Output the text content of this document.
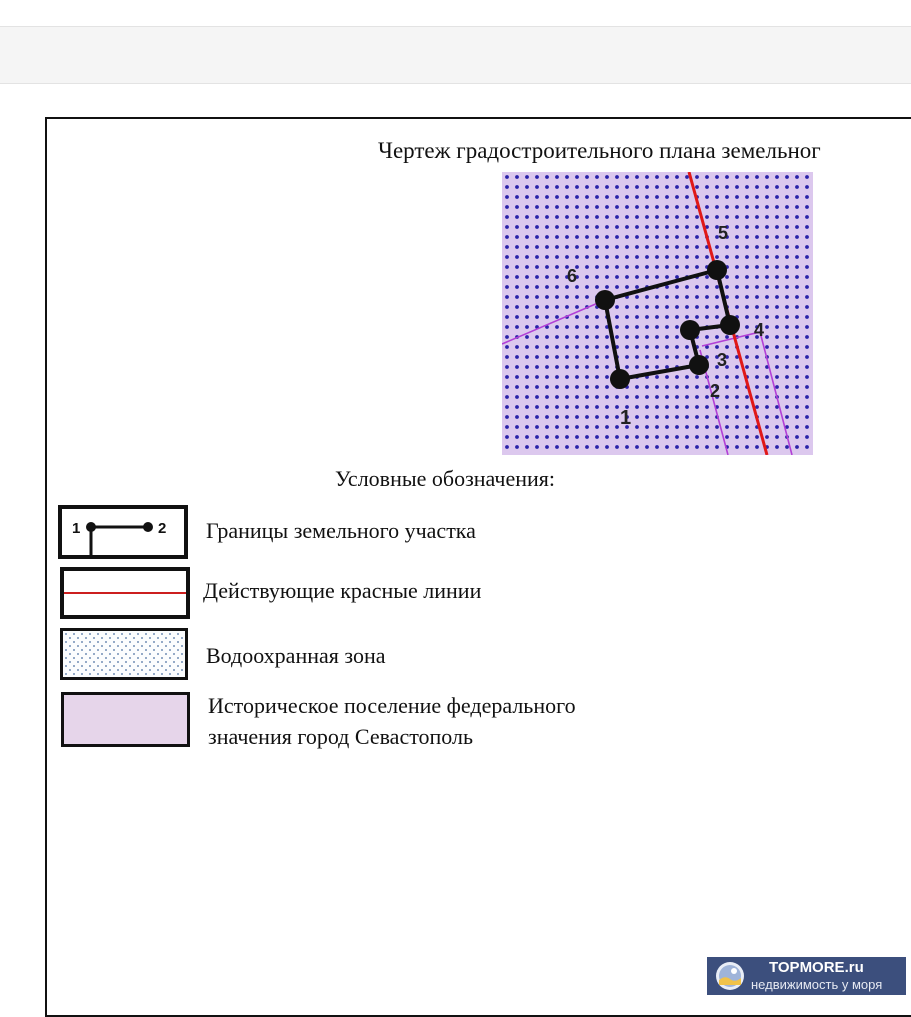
Чертеж градостроительного плана земельног
1
2
3
4
5
6
Условные обозначения:
1	2 Границы земельного участка
Действующие красные линии
Водоохранная зона
Историческое поселение федерального
значения город Севастополь
TOPMORE.ru
недвижимость у моря
